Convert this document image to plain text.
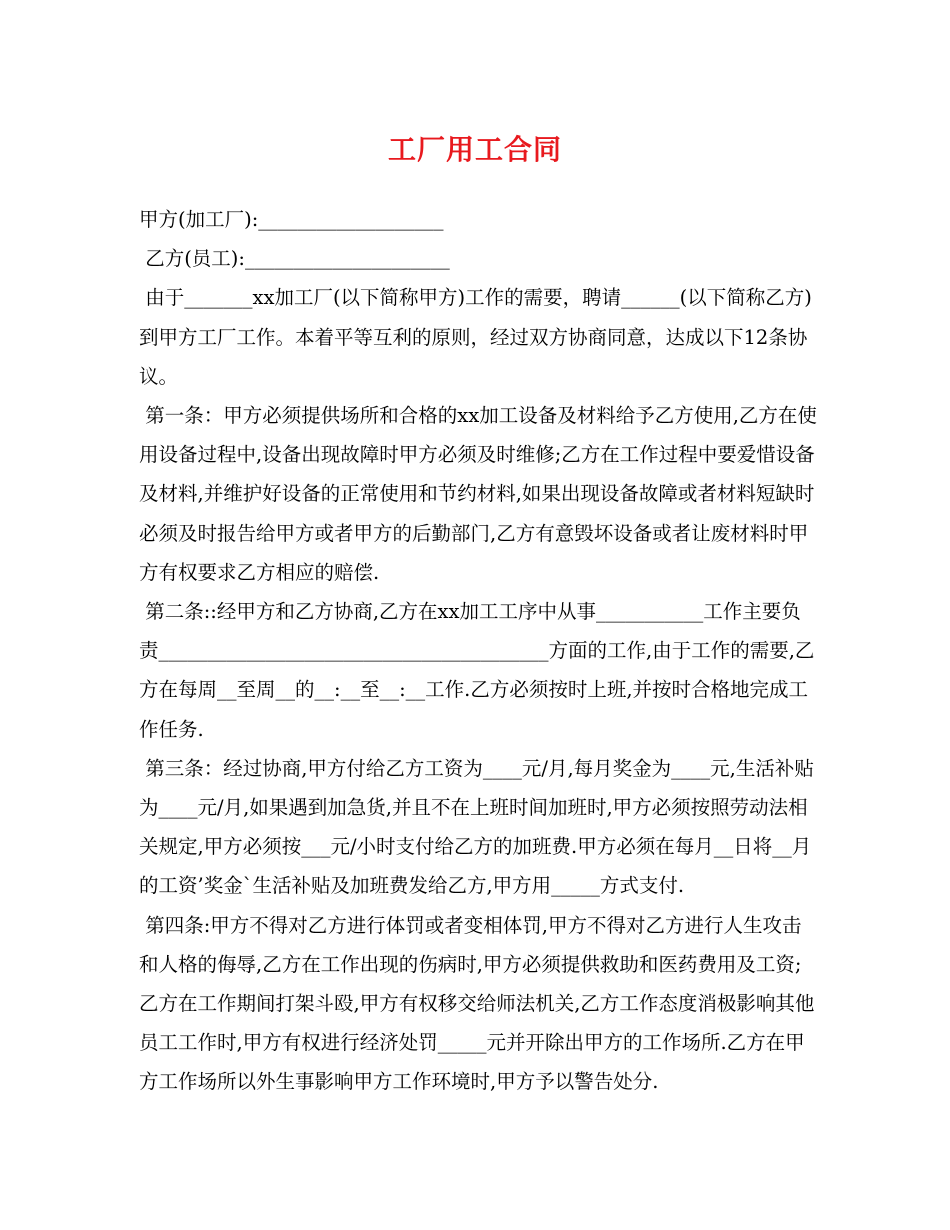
工厂用工合同

甲方(加工厂):___________________

乙方(员工):_____________________

由于_______xx加工厂(以下简称甲方)工作的需要，聘请______(以下简称乙方)到甲方工厂工作。本着平等互利的原则，经过双方协商同意，达成以下12条协议。

第一条：甲方必须提供场所和合格的xx加工设备及材料给予乙方使用,乙方在使用设备过程中,设备出现故障时甲方必须及时维修;乙方在工作过程中要爱惜设备及材料,并维护好设备的正常使用和节约材料,如果出现设备故障或者材料短缺时必须及时报告给甲方或者甲方的后勤部门,乙方有意毁坏设备或者让废材料时甲方有权要求乙方相应的赔偿.

第二条::经甲方和乙方协商,乙方在xx加工工序中从事___________工作主要负责________________________________________方面的工作,由于工作的需要,乙方在每周__至周__的__:__至__:__工作.乙方必须按时上班,并按时合格地完成工作任务.

第三条：经过协商,甲方付给乙方工资为____元/月,每月奖金为____元,生活补贴为____元/月,如果遇到加急货,并且不在上班时间加班时,甲方必须按照劳动法相关规定,甲方必须按___元/小时支付给乙方的加班费.甲方必须在每月__日将__月的工资’奖金`生活补贴及加班费发给乙方,甲方用_____方式支付.

第四条:甲方不得对乙方进行体罚或者变相体罚,甲方不得对乙方进行人生攻击和人格的侮辱,乙方在工作出现的伤病时,甲方必须提供救助和医药费用及工资;乙方在工作期间打架斗殴,甲方有权移交给师法机关,乙方工作态度消极影响其他员工工作时,甲方有权进行经济处罚_____元并开除出甲方的工作场所.乙方在甲方工作场所以外生事影响甲方工作环境时,甲方予以警告处分.
